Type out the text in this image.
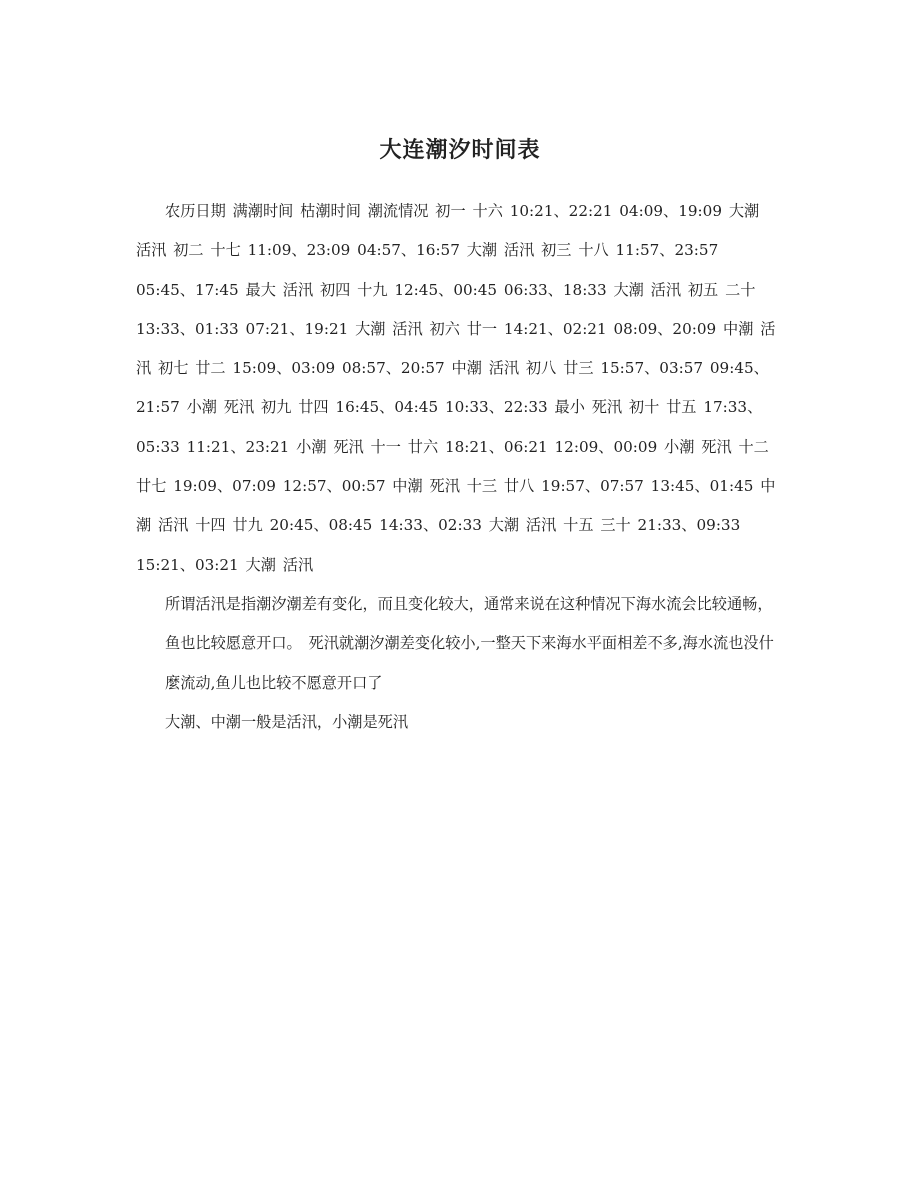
大连潮汐时间表

农历日期 满潮时间 枯潮时间 潮流情况 初一 十六 10:21、22:21 04:09、19:09 大潮 活汛 初二 十七 11:09、23:09 04:57、16:57 大潮 活汛 初三 十八 11:57、23:57 05:45、17:45 最大 活汛 初四 十九 12:45、00:45 06:33、18:33 大潮 活汛 初五 二十 13:33、01:33 07:21、19:21 大潮 活汛 初六 廿一 14:21、02:21 08:09、20:09 中潮 活汛 初七 廿二 15:09、03:09 08:57、20:57 中潮 活汛 初八 廿三 15:57、03:57 09:45、21:57 小潮 死汛 初九 廿四 16:45、04:45 10:33、22:33 最小 死汛 初十 廿五 17:33、05:33 11:21、23:21 小潮 死汛 十一 廿六 18:21、06:21 12:09、00:09 小潮 死汛 十二 廿七 19:09、07:09 12:57、00:57 中潮 死汛 十三 廿八 19:57、07:57 13:45、01:45 中潮 活汛 十四 廿九 20:45、08:45 14:33、02:33 大潮 活汛 十五 三十 21:33、09:33 15:21、03:21 大潮 活汛

所谓活汛是指潮汐潮差有变化，而且变化较大，通常来说在这种情况下海水流会比较通畅，

鱼也比较愿意开口。 死汛就潮汐潮差变化较小,一整天下来海水平面相差不多,海水流也没什

麼流动,鱼儿也比较不愿意开口了

大潮、中潮一般是活汛，小潮是死汛
